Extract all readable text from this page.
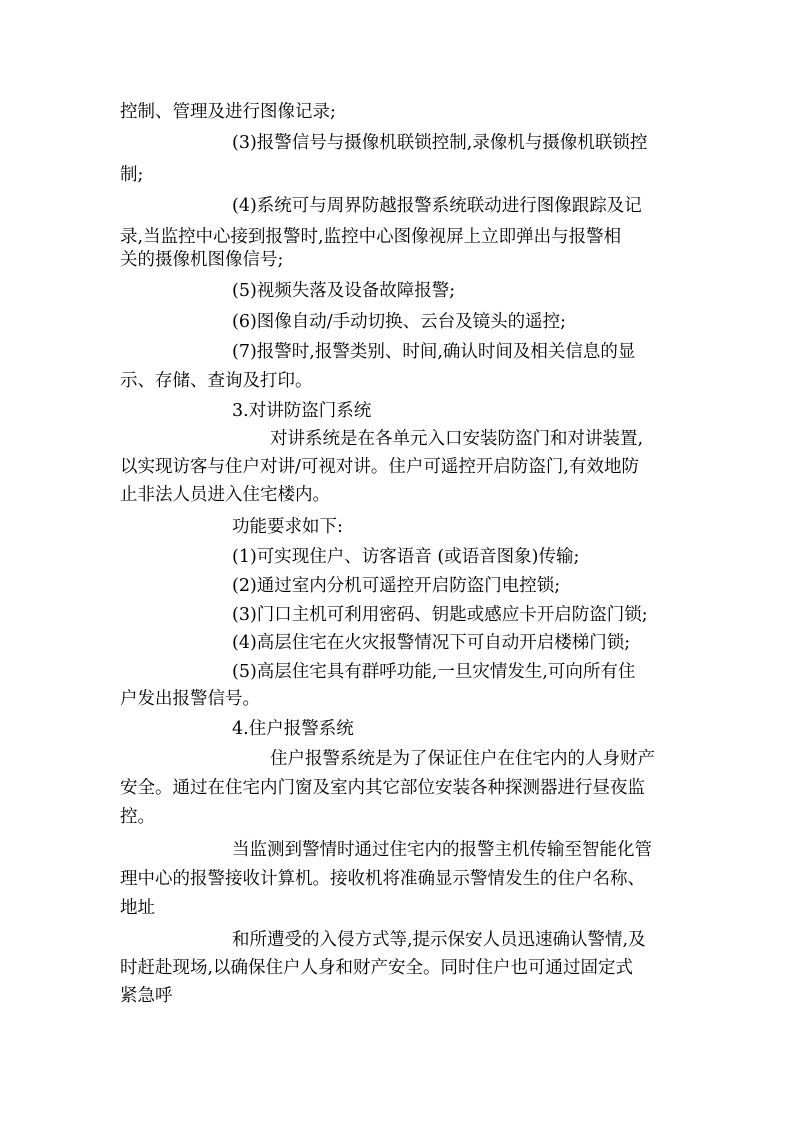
控制、管理及进行图像记录;
(3)报警信号与摄像机联锁控制,录像机与摄像机联锁控
制;
(4)系统可与周界防越报警系统联动进行图像跟踪及记
录,当监控中心接到报警时,监控中心图像视屏上立即弹出与报警相
关的摄像机图像信号;
(5)视频失落及设备故障报警;
(6)图像自动/手动切换、云台及镜头的遥控;
(7)报警时,报警类别、时间,确认时间及相关信息的显
示、存储、查询及打印。
3.对讲防盗门系统
对讲系统是在各单元入口安装防盗门和对讲装置,
以实现访客与住户对讲/可视对讲。住户可遥控开启防盗门,有效地防
止非法人员进入住宅楼内。
功能要求如下:
(1)可实现住户、访客语音 (或语音图象)传输;
(2)通过室内分机可遥控开启防盗门电控锁;
(3)门口主机可利用密码、钥匙或感应卡开启防盗门锁;
(4)高层住宅在火灾报警情况下可自动开启楼梯门锁;
(5)高层住宅具有群呼功能,一旦灾情发生,可向所有住
户发出报警信号。
4.住户报警系统
住户报警系统是为了保证住户在住宅内的人身财产
安全。通过在住宅内门窗及室内其它部位安装各种探测器进行昼夜监
控。
当监测到警情时通过住宅内的报警主机传输至智能化管
理中心的报警接收计算机。接收机将准确显示警情发生的住户名称、
地址
和所遭受的入侵方式等,提示保安人员迅速确认警情,及
时赶赴现场,以确保住户人身和财产安全。同时住户也可通过固定式
紧急呼
